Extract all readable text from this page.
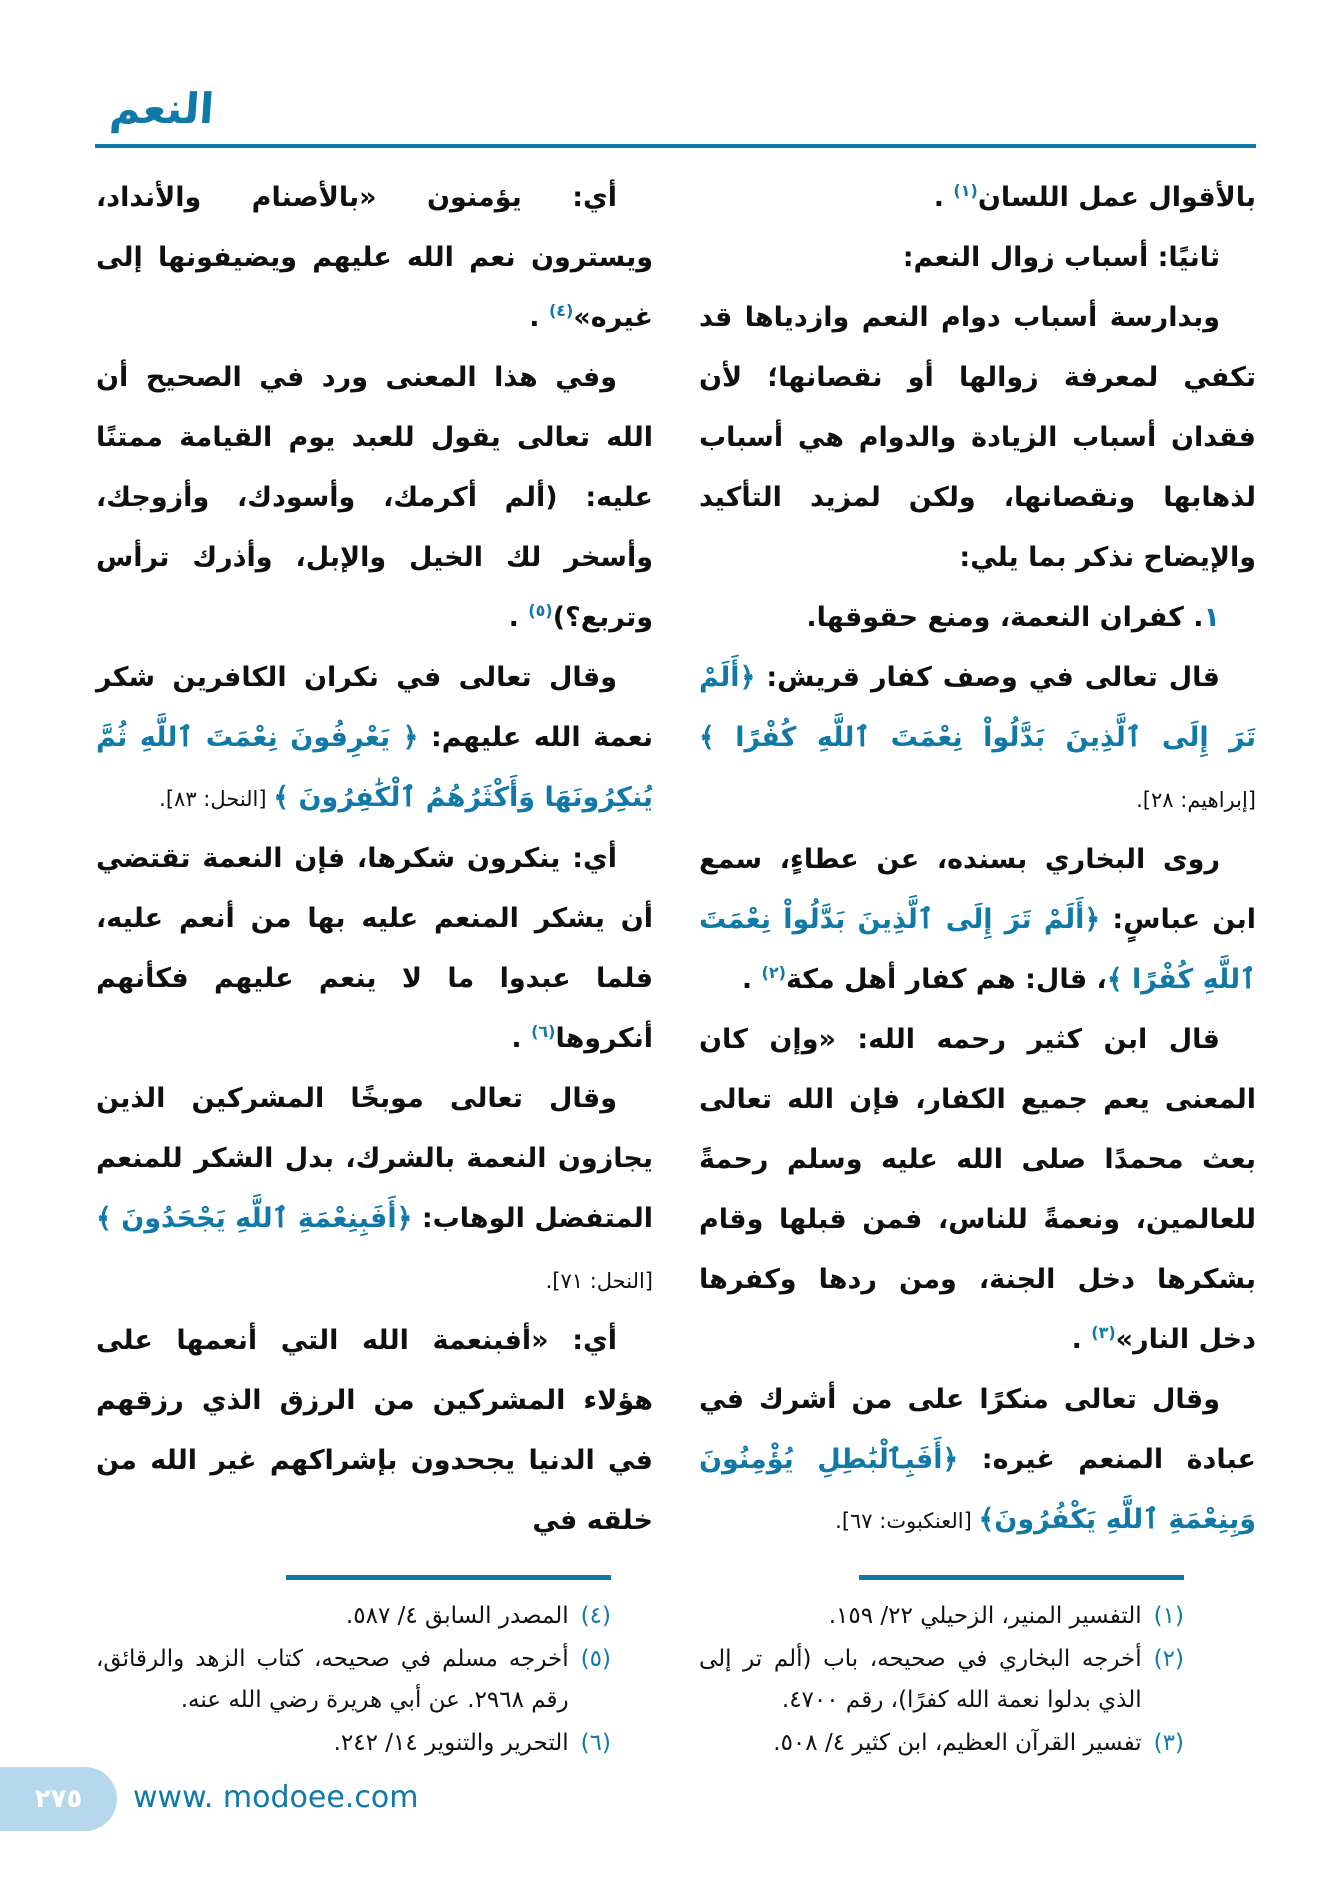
النعم

بالأقوال عمل اللسان$^{(١)}$ .

ثانيًا: أسباب زوال النعم:

وبدارسة أسباب دوام النعم وازدياها قد تكفي لمعرفة زوالها أو نقصانها؛ لأن فقدان أسباب الزيادة والدوام هي أسباب لذهابها ونقصانها، ولكن لمزيد التأكيد والإيضاح نذكر بما يلي:

١. كفران النعمة، ومنع حقوقها.

قال تعالى في وصف كفار قريش: ﴿أَلَمْ تَرَ إِلَى ٱلَّذِينَ بَدَّلُواْ نِعْمَتَ ٱللَّهِ كُفْرًا ﴾ [إبراهيم: ٢٨].

روى البخاري بسنده، عن عطاءٍ، سمع ابن عباسٍ: ﴿أَلَمْ تَرَ إِلَى ٱلَّذِينَ بَدَّلُواْ نِعْمَتَ ٱللَّهِ كُفْرًا ﴾، قال: هم كفار أهل مكة$^{(٢)}$ .

قال ابن كثير رحمه الله: «وإن كان المعنى يعم جميع الكفار، فإن الله تعالى بعث محمدًا صلى الله عليه وسلم رحمةً للعالمين، ونعمةً للناس، فمن قبلها وقام بشكرها دخل الجنة، ومن ردها وكفرها دخل النار»$^{(٣)}$ .

وقال تعالى منكرًا على من أشرك في عبادة المنعم غيره: ﴿أَفَبِٱلْبَٰطِلِ يُؤْمِنُونَ وَبِنِعْمَةِ ٱللَّهِ يَكْفُرُونَ﴾ [العنكبوت: ٦٧].

(١)
التفسير المنير، الزحيلي ٢٢/ ١٥٩.
(٢)
أخرجه البخاري في صحيحه، باب (ألم تر إلى الذي بدلوا نعمة الله كفرًا)، رقم ٤٧٠٠.
(٣)
تفسير القرآن العظيم، ابن كثير ٤/ ٥٠٨.

أي: يؤمنون «بالأصنام والأنداد، ويسترون نعم الله عليهم ويضيفونها إلى غيره»$^{(٤)}$ .

وفي هذا المعنى ورد في الصحيح أن الله تعالى يقول للعبد يوم القيامة ممتنًا عليه: (ألم أكرمك، وأسودك، وأزوجك، وأسخر لك الخيل والإبل، وأذرك ترأس وتربع؟)$^{(٥)}$ .

وقال تعالى في نكران الكافرين شكر نعمة الله عليهم: ﴿ يَعْرِفُونَ نِعْمَتَ ٱللَّهِ ثُمَّ يُنكِرُونَهَا وَأَكْثَرُهُمُ ٱلْكَٰفِرُونَ ﴾ [النحل: ٨٣].

أي: ينكرون شكرها، فإن النعمة تقتضي أن يشكر المنعم عليه بها من أنعم عليه، فلما عبدوا ما لا ينعم عليهم فكأنهم أنكروها$^{(٦)}$ .

وقال تعالى موبخًا المشركين الذين يجازون النعمة بالشرك، بدل الشكر للمنعم المتفضل الوهاب: ﴿أَفَبِنِعْمَةِ ٱللَّهِ يَجْحَدُونَ ﴾ [النحل: ٧١].

أي: «أفبنعمة الله التي أنعمها على هؤلاء المشركين من الرزق الذي رزقهم في الدنيا يجحدون بإشراكهم غير الله من خلقه في

(٤)
المصدر السابق ٤/ ٥٨٧.
(٥)
أخرجه مسلم في صحيحه، كتاب الزهد والرقائق، رقم ٢٩٦٨. عن أبي هريرة رضي الله عنه.
(٦)
التحرير والتنوير ١٤/ ٢٤٢.
٢٧٥ www. modoee.com
